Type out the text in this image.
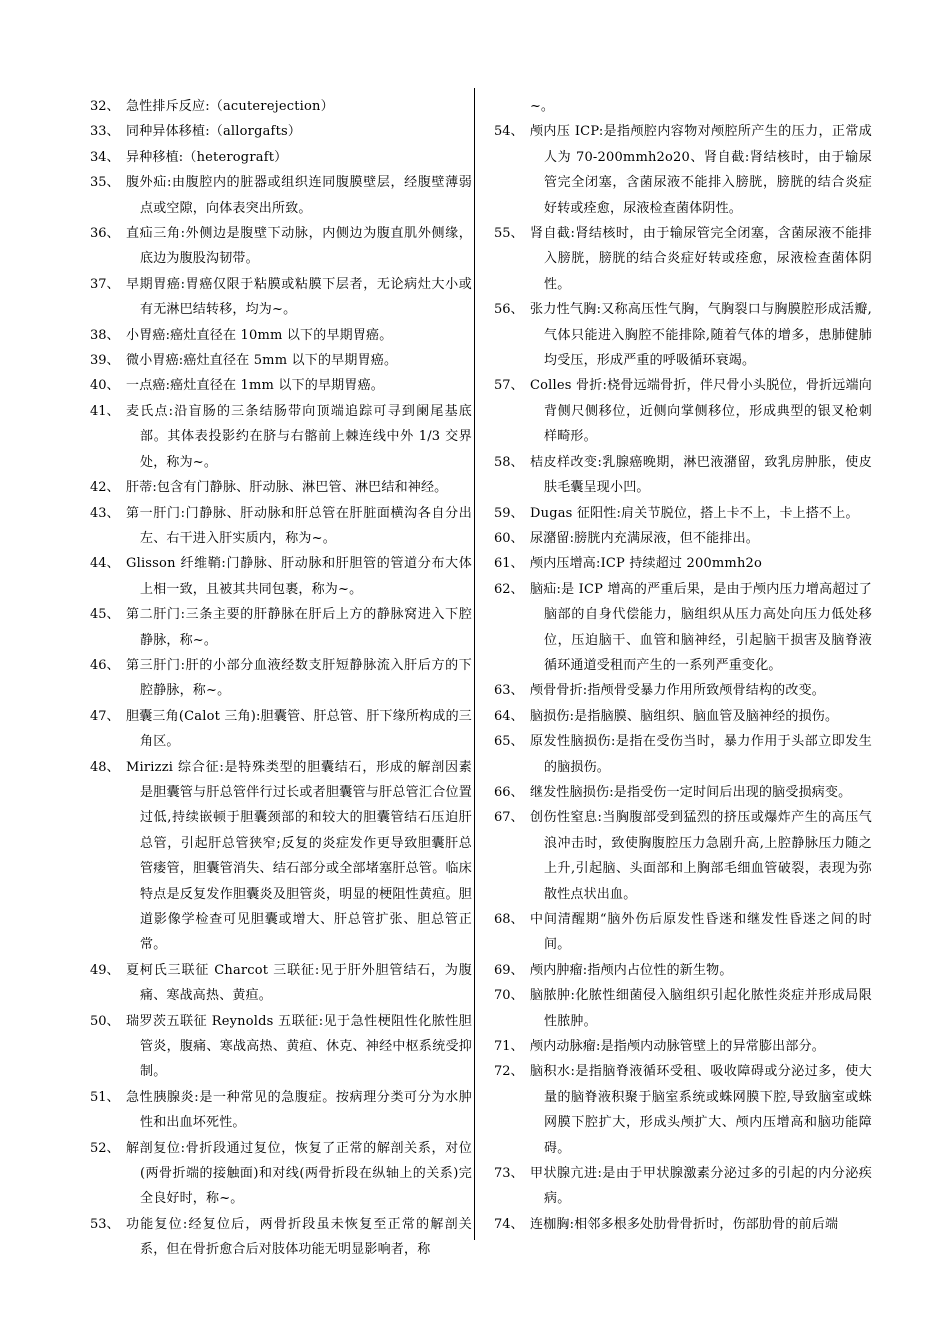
32、 急性排斥反应:（acuterejection）
33、 同种异体移植:（allorgafts）
34、 异种移植:（heterograft）
35、 腹外疝:由腹腔内的脏器或组织连同腹膜壁层，经腹壁薄弱点或空隙，向体表突出所致。
36、 直疝三角:外侧边是腹壁下动脉，内侧边为腹直肌外侧缘，底边为腹股沟韧带。
37、 早期胃癌:胃癌仅限于粘膜或粘膜下层者，无论病灶大小或有无淋巴结转移，均为~。
38、 小胃癌:癌灶直径在 10mm 以下的早期胃癌。
39、 微小胃癌:癌灶直径在 5mm 以下的早期胃癌。
40、 一点癌:癌灶直径在 1mm 以下的早期胃癌。
41、 麦氏点:沿盲肠的三条结肠带向顶端追踪可寻到阑尾基底部。其体表投影约在脐与右髂前上棘连线中外 1/3 交界处，称为~。
42、 肝蒂:包含有门静脉、肝动脉、淋巴管、淋巴结和神经。
43、 第一肝门:门静脉、肝动脉和肝总管在肝脏面横沟各自分出左、右干进入肝实质内，称为~。
44、 Glisson 纤维鞘:门静脉、肝动脉和肝胆管的管道分布大体上相一致，且被其共同包裹，称为~。
45、 第二肝门:三条主要的肝静脉在肝后上方的静脉窝进入下腔静脉，称~。
46、 第三肝门:肝的小部分血液经数支肝短静脉流入肝后方的下腔静脉，称~。
47、 胆囊三角(Calot 三角):胆囊管、肝总管、肝下缘所构成的三角区。
48、 Mirizzi 综合征:是特殊类型的胆囊结石，形成的解剖因素是胆囊管与肝总管伴行过长或者胆囊管与肝总管汇合位置过低,持续嵌顿于胆囊颈部的和较大的胆囊管结石压迫肝总管，引起肝总管狭窄;反复的炎症发作更导致胆囊肝总管瘘管，胆囊管消失、结石部分或全部堵塞肝总管。临床特点是反复发作胆囊炎及胆管炎，明显的梗阻性黄疸。胆道影像学检查可见胆囊或增大、肝总管扩张、胆总管正常。
49、 夏柯氏三联征 Charcot 三联征:见于肝外胆管结石，为腹痛、寒战高热、黄疸。
50、 瑞罗茨五联征 Reynolds 五联征:见于急性梗阻性化脓性胆管炎，腹痛、寒战高热、黄疸、休克、神经中枢系统受抑制。
51、 急性胰腺炎:是一种常见的急腹症。按病理分类可分为水肿性和出血坏死性。
52、 解剖复位:骨折段通过复位，恢复了正常的解剖关系，对位(两骨折端的接触面)和对线(两骨折段在纵轴上的关系)完全良好时，称~。
53、 功能复位:经复位后，两骨折段虽未恢复至正常的解剖关系，但在骨折愈合后对肢体功能无明显影响者，称
~。
54、 颅内压 ICP:是指颅腔内容物对颅腔所产生的压力，正常成人为 70-200mmh2o20、肾自截:肾结核时，由于输尿管完全闭塞，含菌尿液不能排入膀胱，膀胱的结合炎症好转或痊愈，尿液检查菌体阴性。
55、 肾自截:肾结核时，由于输尿管完全闭塞，含菌尿液不能排入膀胱，膀胱的结合炎症好转或痊愈，尿液检查菌体阴性。
56、 张力性气胸:又称高压性气胸，气胸裂口与胸膜腔形成活瓣,气体只能进入胸腔不能排除,随着气体的增多，患肺健肺均受压，形成严重的呼吸循环衰竭。
57、 Colles 骨折:桡骨远端骨折，伴尺骨小头脱位，骨折远端向背侧尺侧移位，近侧向掌侧移位，形成典型的银叉枪刺样畸形。
58、 桔皮样改变:乳腺癌晚期，淋巴液潴留，致乳房肿胀，使皮肤毛囊呈现小凹。
59、 Dugas 征阳性:肩关节脱位，搭上卡不上，卡上搭不上。
60、 尿潴留:膀胱内充满尿液，但不能排出。
61、 颅内压增高:ICP 持续超过 200mmh2o
62、 脑疝:是 ICP 增高的严重后果，是由于颅内压力增高超过了脑部的自身代偿能力，脑组织从压力高处向压力低处移位，压迫脑干、血管和脑神经，引起脑干损害及脑脊液循环通道受租而产生的一系列严重变化。
63、 颅骨骨折:指颅骨受暴力作用所致颅骨结构的改变。
64、 脑损伤:是指脑膜、脑组织、脑血管及脑神经的损伤。
65、 原发性脑损伤:是指在受伤当时，暴力作用于头部立即发生的脑损伤。
66、 继发性脑损伤:是指受伤一定时间后出现的脑受损病变。
67、 创伤性窒息:当胸腹部受到猛烈的挤压或爆炸产生的高压气浪冲击时，致使胸腹腔压力急剧升高,上腔静脉压力随之上升,引起脑、头面部和上胸部毛细血管破裂，表现为弥散性点状出血。
68、 中间清醒期“脑外伤后原发性昏迷和继发性昏迷之间的时间。
69、 颅内肿瘤:指颅内占位性的新生物。
70、 脑脓肿:化脓性细菌侵入脑组织引起化脓性炎症并形成局限性脓肿。
71、 颅内动脉瘤:是指颅内动脉管壁上的异常膨出部分。
72、 脑积水:是指脑脊液循环受租、吸收障碍或分泌过多，使大量的脑脊液积聚于脑室系统或蛛网膜下腔,导致脑室或蛛网膜下腔扩大，形成头颅扩大、颅内压增高和脑功能障碍。
73、 甲状腺亢进:是由于甲状腺激素分泌过多的引起的内分泌疾病。
74、 连枷胸:相邻多根多处肋骨骨折时，伤部肋骨的前后端
